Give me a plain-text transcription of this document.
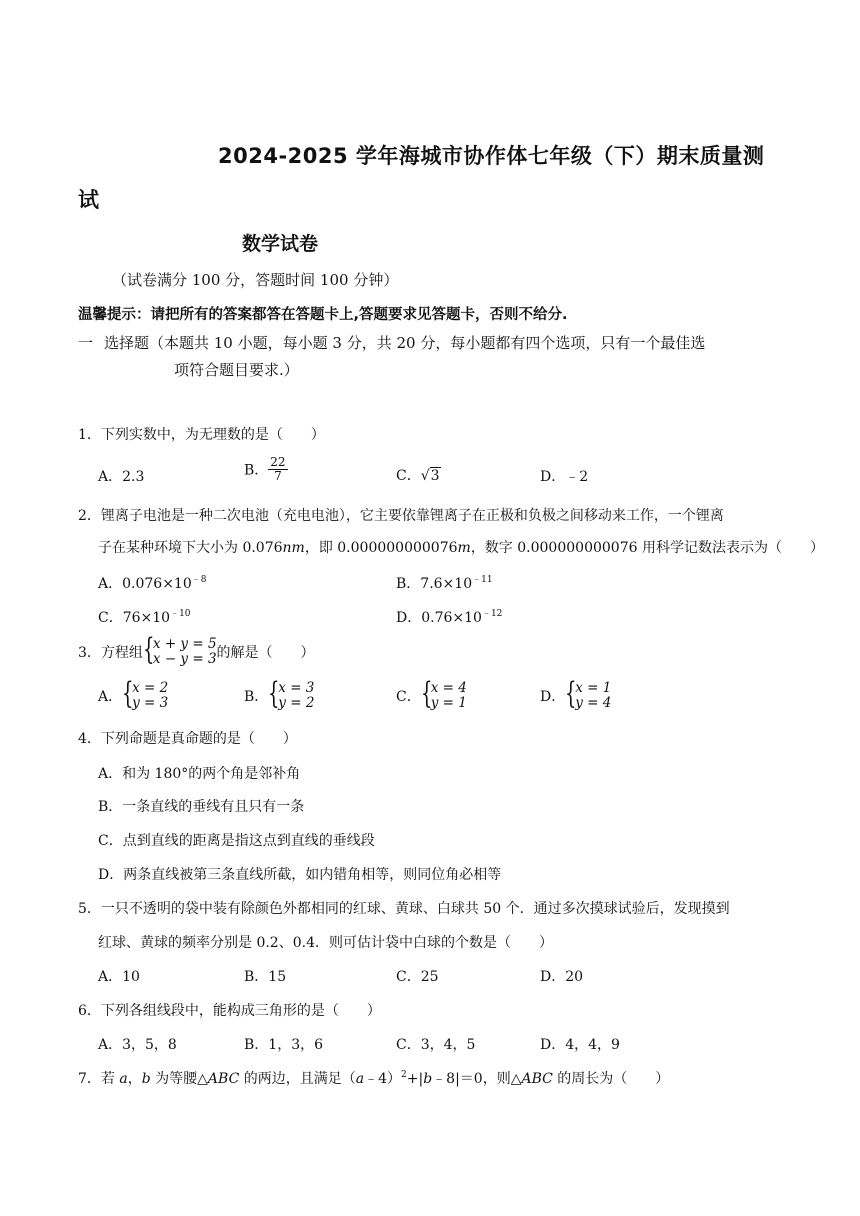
2024-2025 学年海城市协作体七年级（下）期末质量测
试
数学试卷
（试卷满分 100 分，答题时间 100 分钟）
温馨提示：请把所有的答案都答在答题卡上,答题要求见答题卡，否则不给分.
一 选择题（本题共 10 小题，每小题 3 分，共 20 分，每小题都有四个选项，只有一个最佳选
项符合题目要求.）
1．下列实数中，为无理数的是（　　）
A．2.3	B． $\frac{22}{7}$	C．√3	D．﹣2
2．锂离子电池是一种二次电池（充电电池），它主要依靠锂离子在正极和负极之间移动来工作，一个锂离
子在某种环境下大小为 0.076nm，即 0.000000000076m，数字 0.000000000076 用科学记数法表示为（　　）
A．$0.076\times 10^{﹣8}$	B．$7.6\times 10^{﹣11}$
C．$76\times 10^{﹣10}$	D．$0.76\times 10^{﹣12}$
3．方程组 {
x + y = 5
x − y = 3 的解是（　　）
A． {
x = 2
y = 3	B． {
x = 3
y = 2	C． {
x = 4
y = 1	D． {
x = 1
y = 4
4．下列命题是真命题的是（　　）
A．和为 180°的两个角是邻补角
B．一条直线的垂线有且只有一条
C．点到直线的距离是指这点到直线的垂线段
D．两条直线被第三条直线所截，如内错角相等，则同位角必相等
5．一只不透明的袋中装有除颜色外都相同的红球、黄球、白球共 50 个．通过多次摸球试验后，发现摸到
红球、黄球的频率分别是 0.2、0.4．则可估计袋中白球的个数是（　　）
A．10	B．15	C．25	D．20
6．下列各组线段中，能构成三角形的是（　　）
A．3，5，8	B．1，3，6	C．3，4，5	D．4，4，9
7．若 a，b 为等腰△ABC 的两边，且满足（a﹣4）$^2$+|b﹣8|＝0，则△ABC 的周长为（　　）
